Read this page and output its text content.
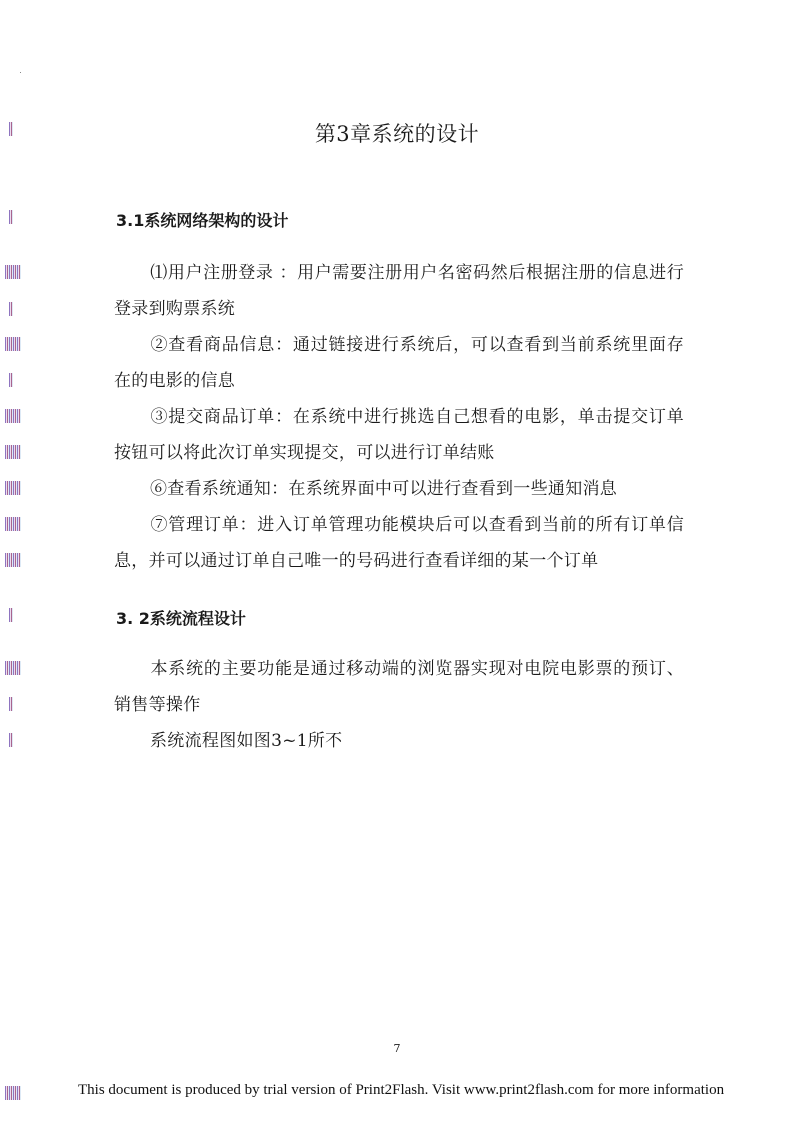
第3章系统的设计
3.1系统网络架构的设计
⑴用户注册登录 ：用户需要注册用户名密码然后根据注册的信息进行登录到购票系统
②查看商品信息：通过链接进行系统后，可以查看到当前系统里面存在的电影的信息
③提交商品订单：在系统中进行挑选自己想看的电影，单击提交订单按钮可以将此次订单实现提交，可以进行订单结账
⑥查看系统通知：在系统界面中可以进行查看到一些通知消息
⑦管理订单：进入订单管理功能模块后可以查看到当前的所有订单信息，并可以通过订单自己唯一的号码进行查看详细的某一个订单
3. 2系统流程设计
本系统的主要功能是通过移动端的浏览器实现对电院电影票的预订、销售等操作
系统流程图如图3~1所不
7
This document is produced by trial version of Print2Flash. Visit www.print2flash.com for more information
